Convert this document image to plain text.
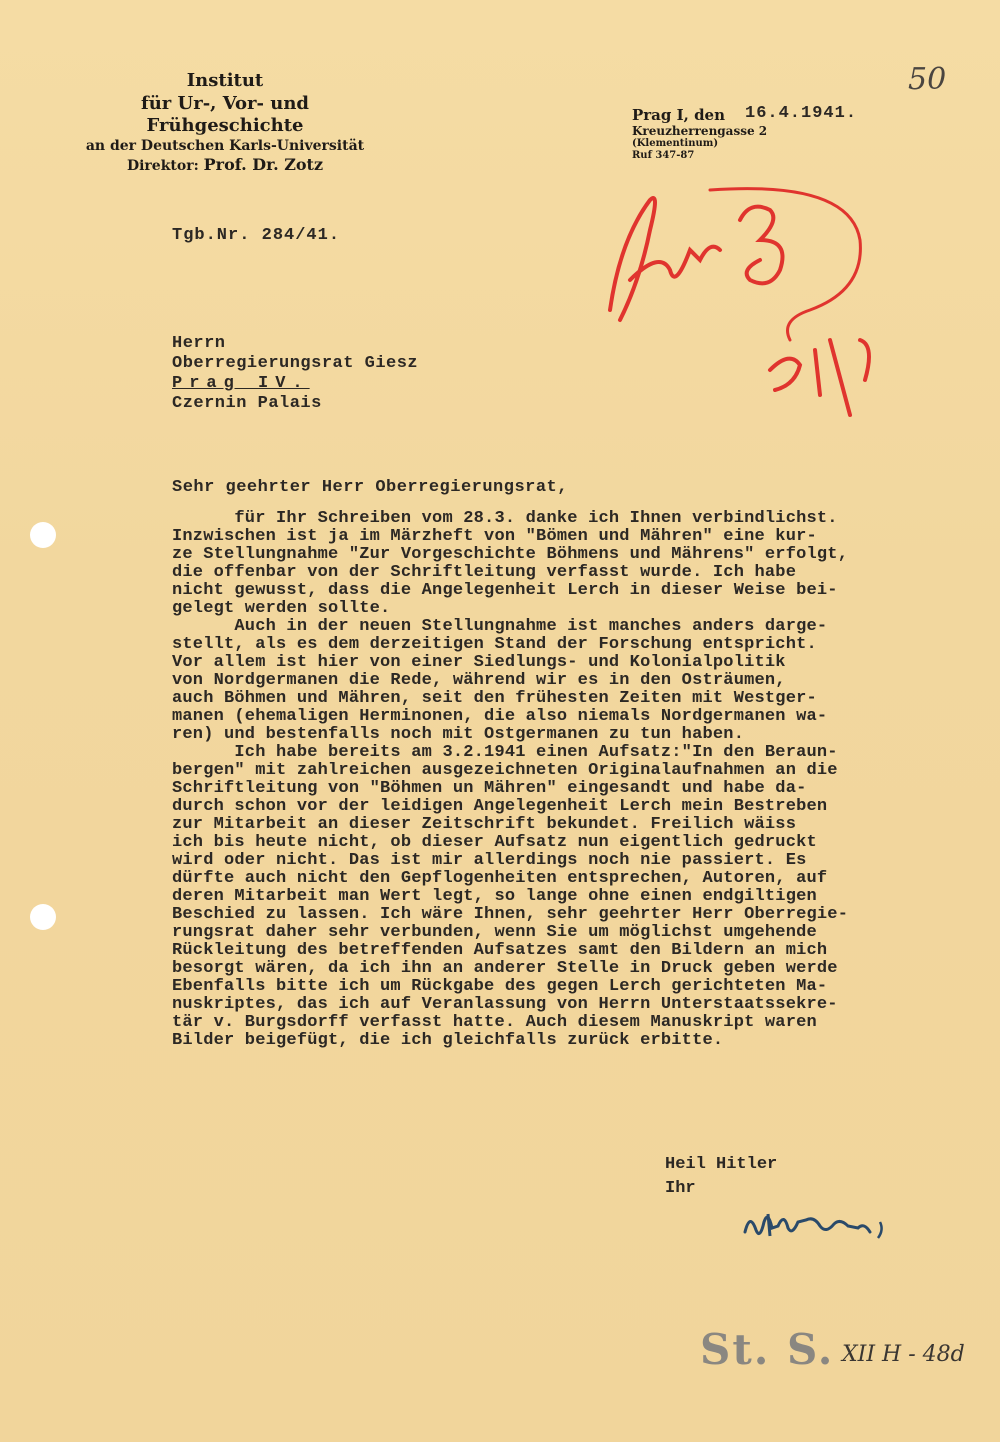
Institut
für Ur-, Vor- und Frühgeschichte
an der Deutschen Karls-Universität
Direktor: Prof. Dr. Zotz
50
Prag I, den
Kreuzherrengasse 2
(Klementinum)
Ruf 347-87
16.4.1941.
Tgb.Nr. 284/41.
Herrn
Oberregierungsrat Giesz
Prag IV.
Czernin Palais
Sehr geehrter Herr Oberregierungsrat,
für Ihr Schreiben vom 28.3. danke ich Ihnen verbindlichst.
Inzwischen ist ja im Märzheft von "Bömen und Mähren" eine kur-
ze Stellungnahme "Zur Vorgeschichte Böhmens und Mährens" erfolgt,
die offenbar von der Schriftleitung verfasst wurde. Ich habe
nicht gewusst, dass die Angelegenheit Lerch in dieser Weise bei-
gelegt werden sollte.
Auch in der neuen Stellungnahme ist manches anders darge-
stellt, als es dem derzeitigen Stand der Forschung entspricht.
Vor allem ist hier von einer Siedlungs- und Kolonialpolitik
von Nordgermanen die Rede, während wir es in den Osträumen,
auch Böhmen und Mähren, seit den frühesten Zeiten mit Westger-
manen (ehemaligen Herminonen, die also niemals Nordgermanen wa-
ren) und bestenfalls noch mit Ostgermanen zu tun haben.
Ich habe bereits am 3.2.1941 einen Aufsatz:"In den Beraun-
bergen" mit zahlreichen ausgezeichneten Originalaufnahmen an die
Schriftleitung von "Böhmen un Mähren" eingesandt und habe da-
durch schon vor der leidigen Angelegenheit Lerch mein Bestreben
zur Mitarbeit an dieser Zeitschrift bekundet. Freilich wäiss
ich bis heute nicht, ob dieser Aufsatz nun eigentlich gedruckt
wird oder nicht. Das ist mir allerdings noch nie passiert. Es
dürfte auch nicht den Gepflogenheiten entsprechen, Autoren, auf
deren Mitarbeit man Wert legt, so lange ohne einen endgiltigen
Beschied zu lassen. Ich wäre Ihnen, sehr geehrter Herr Oberregie-
rungsrat daher sehr verbunden, wenn Sie um möglichst umgehende
Rückleitung des betreffenden Aufsatzes samt den Bildern an mich
besorgt wären, da ich ihn an anderer Stelle in Druck geben werde
Ebenfalls bitte ich um Rückgabe des gegen Lerch gerichteten Ma-
nuskriptes, das ich auf Veranlassung von Herrn Unterstaatssekre-
tär v. Burgsdorff verfasst hatte. Auch diesem Manuskript waren
Bilder beigefügt, die ich gleichfalls zurück erbitte.
Heil Hitler
Ihr
St. S. XII H - 48d
